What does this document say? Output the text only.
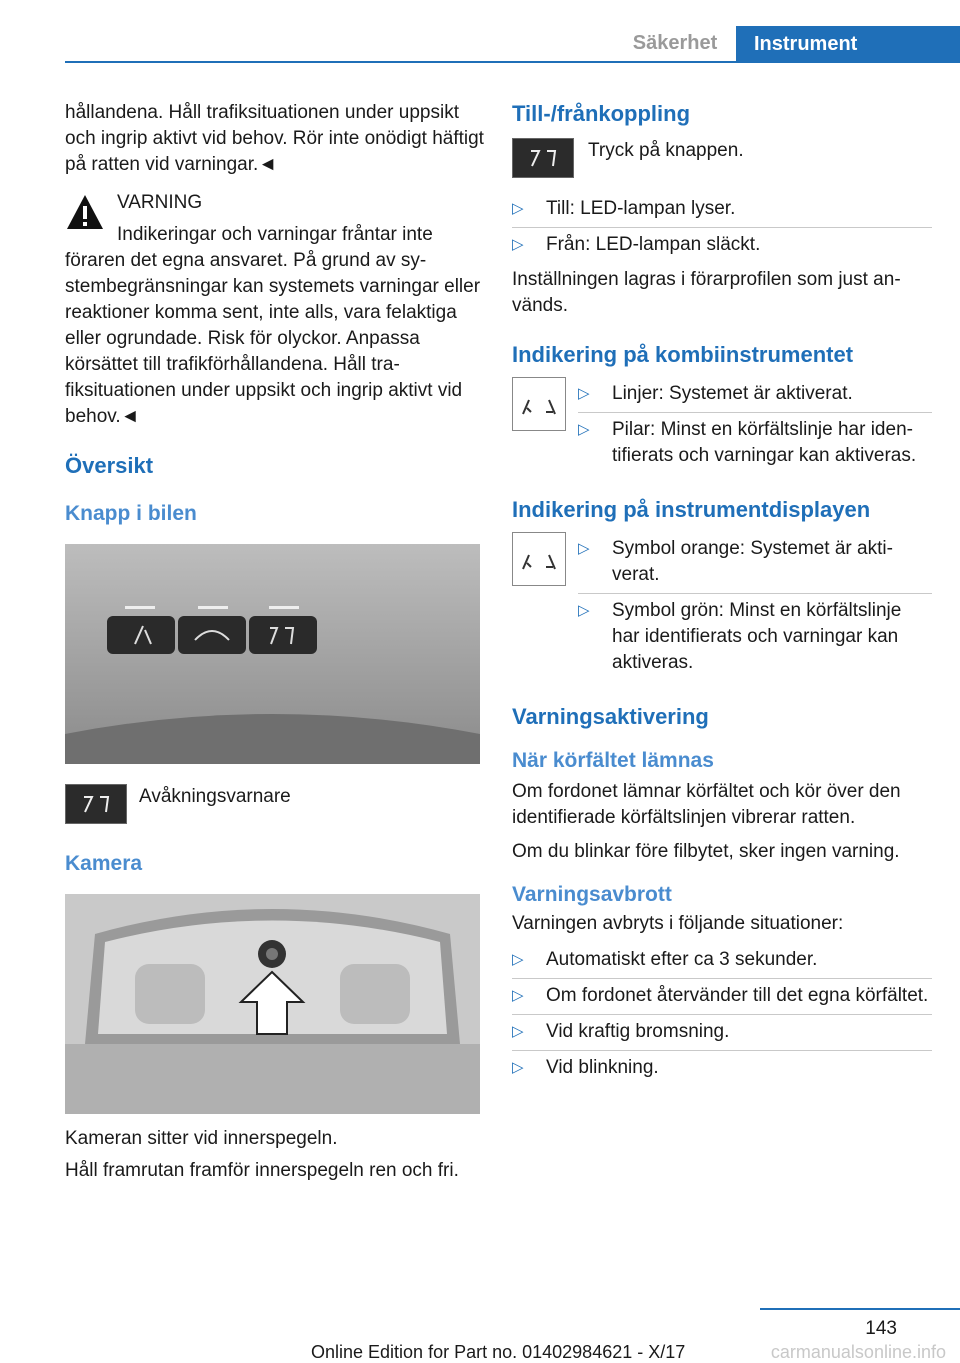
Säkerhet	Instrument

hållandena. Håll trafiksituationen under uppsikt och ingrip aktivt vid behov. Rör inte onödigt häftigt på ratten vid varningar.◄

VARNING

Indikeringar och varningar fråntar inte

föraren det egna ansvaret. På grund av systembegränsningar kan systemets varningar eller reaktioner komma sent, inte alls, vara felaktiga eller ogrundade. Risk för olyckor. Anpassa körsättet till trafikförhållandena. Håll trafiksituationen under uppsikt och ingrip aktivt vid behov.◄

Översikt

Knapp i bilen

Avåkningsvarnare

Kamera

Kameran sitter vid innerspegeln.

Håll framrutan framför innerspegeln ren och fri.

Till-/frånkoppling

Tryck på knappen.

▷ Till: LED-lampan lyser.
▷ Från: LED-lampan släckt.

Inställningen lagras i förarprofilen som just används.

Indikering på kombiinstrumentet

▷ Linjer: Systemet är aktiverat.
▷ Pilar: Minst en körfältslinje har identifierats och varningar kan aktiveras.

Indikering på instrumentdisplayen

▷ Symbol orange: Systemet är aktiverat.
▷ Symbol grön: Minst en körfältslinje har identifierats och varningar kan aktiveras.

Varningsaktivering

När körfältet lämnas

Om fordonet lämnar körfältet och kör över den identifierade körfältslinjen vibrerar ratten.

Om du blinkar före filbytet, sker ingen varning.

Varningsavbrott

Varningen avbryts i följande situationer:

▷ Automatiskt efter ca 3 sekunder.
▷ Om fordonet återvänder till det egna körfältet.
▷ Vid kraftig bromsning.
▷ Vid blinkning.
143
Online Edition for Part no. 01402984621 - X/17	carmanualsonline.info
